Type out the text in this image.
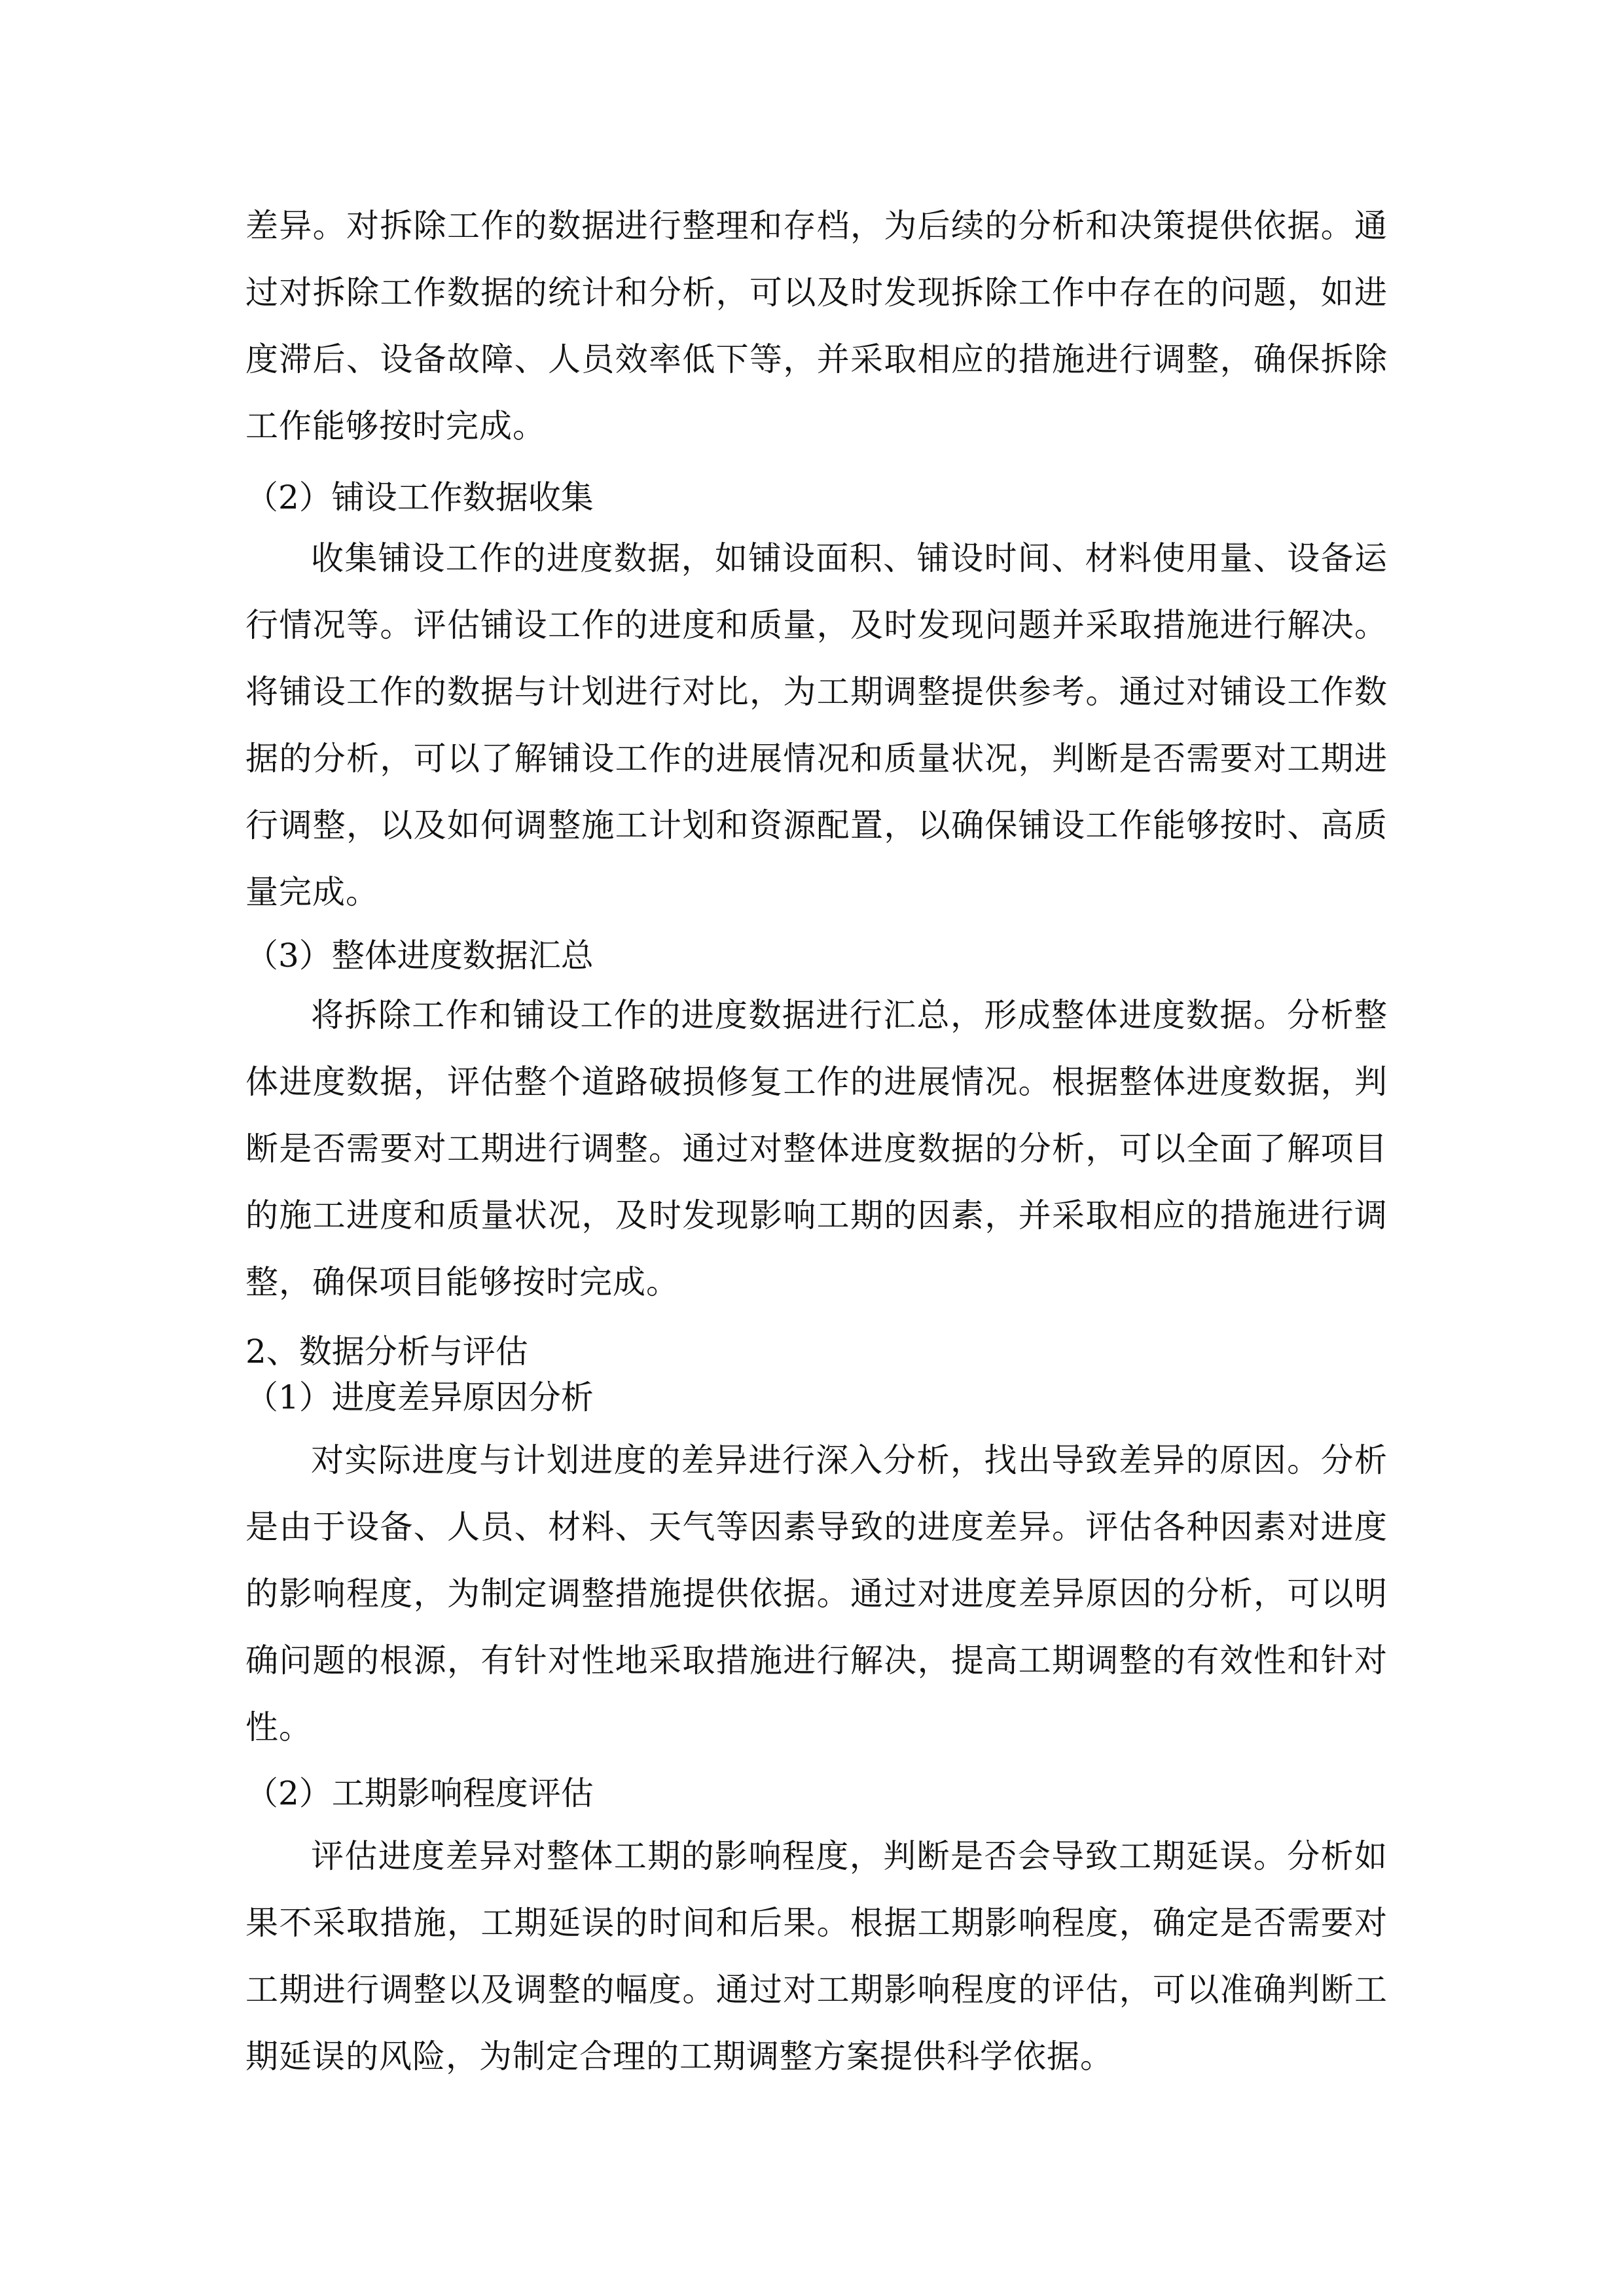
差异。对拆除工作的数据进行整理和存档，为后续的分析和决策提供依据。通过对拆除工作数据的统计和分析，可以及时发现拆除工作中存在的问题，如进度滞后、设备故障、人员效率低下等，并采取相应的措施进行调整，确保拆除工作能够按时完成。

（2）铺设工作数据收集

收集铺设工作的进度数据，如铺设面积、铺设时间、材料使用量、设备运行情况等。评估铺设工作的进度和质量，及时发现问题并采取措施进行解决。将铺设工作的数据与计划进行对比，为工期调整提供参考。通过对铺设工作数据的分析，可以了解铺设工作的进展情况和质量状况，判断是否需要对工期进行调整，以及如何调整施工计划和资源配置，以确保铺设工作能够按时、高质量完成。

（3）整体进度数据汇总

将拆除工作和铺设工作的进度数据进行汇总，形成整体进度数据。分析整体进度数据，评估整个道路破损修复工作的进展情况。根据整体进度数据，判断是否需要对工期进行调整。通过对整体进度数据的分析，可以全面了解项目的施工进度和质量状况，及时发现影响工期的因素，并采取相应的措施进行调整，确保项目能够按时完成。

2、数据分析与评估
（1）进度差异原因分析

对实际进度与计划进度的差异进行深入分析，找出导致差异的原因。分析是由于设备、人员、材料、天气等因素导致的进度差异。评估各种因素对进度的影响程度，为制定调整措施提供依据。通过对进度差异原因的分析，可以明确问题的根源，有针对性地采取措施进行解决，提高工期调整的有效性和针对性。

（2）工期影响程度评估

评估进度差异对整体工期的影响程度，判断是否会导致工期延误。分析如果不采取措施，工期延误的时间和后果。根据工期影响程度，确定是否需要对工期进行调整以及调整的幅度。通过对工期影响程度的评估，可以准确判断工期延误的风险，为制定合理的工期调整方案提供科学依据。
